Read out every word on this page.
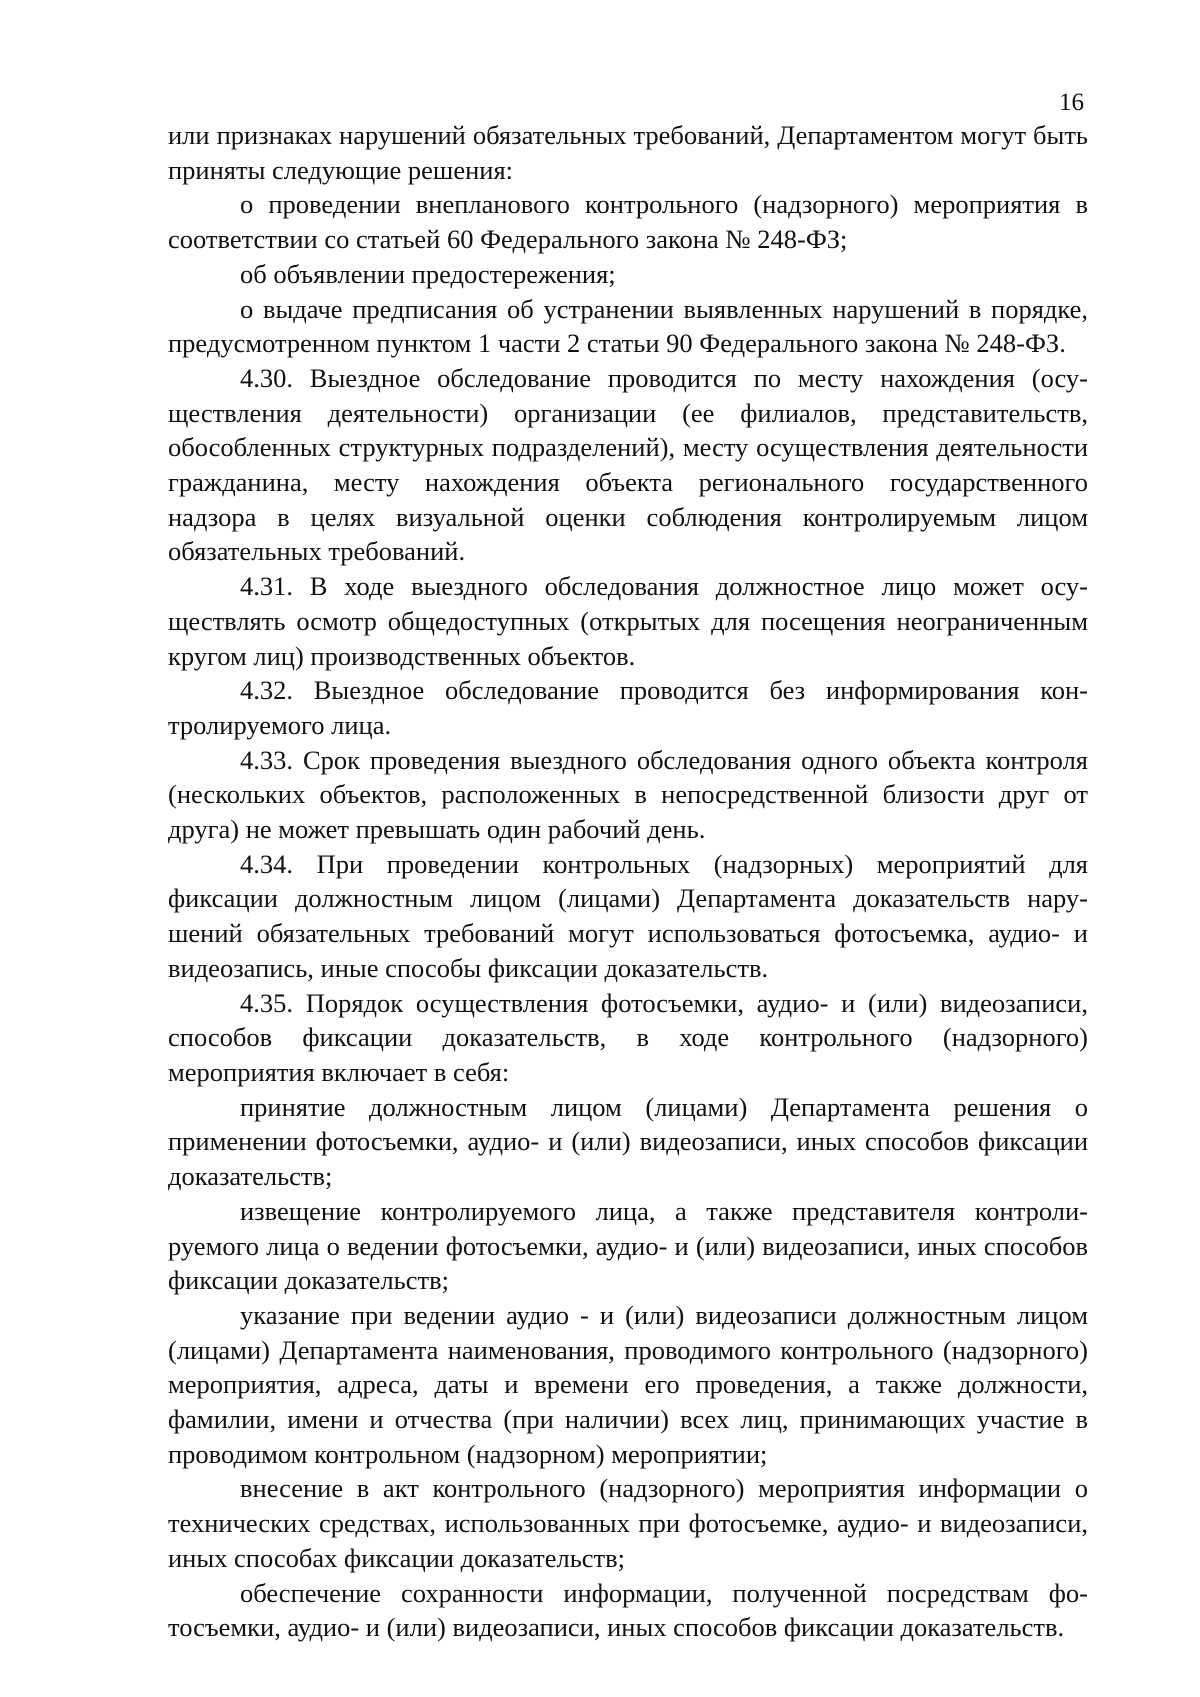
16

или признаках нарушений обязательных требований, Департаментом могут быть приняты следующие решения:

о проведении внепланового контрольного (надзорного) мероприятия в соответствии со статьей 60 Федерального закона № 248-ФЗ;

об объявлении предостережения;

о выдаче предписания об устранении выявленных нарушений в порядке, предусмотренном пунктом 1 части 2 статьи 90 Федерального закона № 248-ФЗ.

4.30. Выездное обследование проводится по месту нахождения (осуществления деятельности) организации (ее филиалов, представительств, обособленных структурных подразделений), месту осуществления деятельности гражданина, месту нахождения объекта регионального государственного надзора в целях визуальной оценки соблюдения контролируемым лицом обязательных требований.

4.31. В ходе выездного обследования должностное лицо может осуществлять осмотр общедоступных (открытых для посещения неограниченным кругом лиц) производственных объектов.

4.32. Выездное обследование проводится без информирования контролируемого лица.

4.33. Срок проведения выездного обследования одного объекта контроля (нескольких объектов, расположенных в непосредственной близости друг от друга) не может превышать один рабочий день.

4.34. При проведении контрольных (надзорных) мероприятий для фиксации должностным лицом (лицами) Департамента доказательств нарушений обязательных требований могут использоваться фотосъемка, аудио- и видеозапись, иные способы фиксации доказательств.

4.35. Порядок осуществления фотосъемки, аудио- и (или) видеозаписи, способов фиксации доказательств, в ходе контрольного (надзорного) мероприятия включает в себя:

принятие должностным лицом (лицами) Департамента решения о применении фотосъемки, аудио- и (или) видеозаписи, иных способов фиксации доказательств;

извещение контролируемого лица, а также представителя контролируемого лица о ведении фотосъемки, аудио- и (или) видеозаписи, иных способов фиксации доказательств;

указание при ведении аудио - и (или) видеозаписи должностным лицом (лицами) Департамента наименования, проводимого контрольного (надзорного) мероприятия, адреса, даты и времени его проведения, а также должности, фамилии, имени и отчества (при наличии) всех лиц, принимающих участие в проводимом контрольном (надзорном) мероприятии;

внесение в акт контрольного (надзорного) мероприятия информации о технических средствах, использованных при фотосъемке, аудио- и видеозаписи, иных способах фиксации доказательств;

обеспечение сохранности информации, полученной посредствам фотосъемки, аудио- и (или) видеозаписи, иных способов фиксации доказательств.
